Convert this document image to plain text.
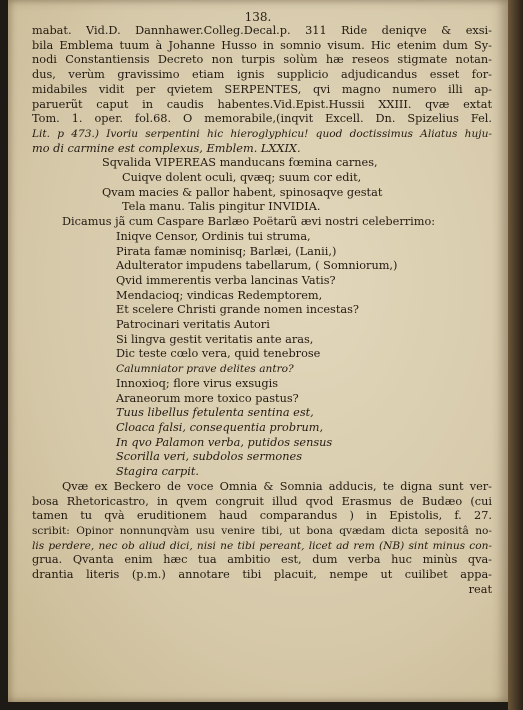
138.
mabat. Vid.D. Dannhawer.Colleg.Decal.p. 311 Ride deniqve & exsi-
bila Emblema tuum à Johanne Husso in somnio visum. Hic etenim dum Sy-
nodi Constantiensis Decreto non turpis solùm hæ reseos stigmate notan-
dus, verùm gravissimo etiam ignis supplicio adjudicandus esset for-
midabiles vidit per qvietem SERPENTES, qvi magno numero illi ap-
paruerũt caput in caudis habentes.Vid.Epist.Hussii XXIII. qvæ extat
Tom. 1. oper. fol.68. O memorabile,(inqvit Excell. Dn. Spizelius Fel.
Lit. p 473.) Ivoriu serpentini hic hieroglyphicu! quod doctissimus Aliatus huju-
mo di carmine est complexus, Emblem. LXXIX.
Sqvalida VIPEREAS manducans fœmina carnes,
Cuiqve dolent oculi, qvæq; suum cor edit,
Qvam macies & pallor habent, spinosaqve gestat
Tela manu. Talis pingitur INVIDIA.
Dicamus jã cum Caspare Barlæo Poëtarũ ævi nostri celeberrimo:
Iniqve Censor, Ordinis tui struma,
Pirata famæ nominisq; Barlæi, (Lanii,)
Adulterator impudens tabellarum, ( Somniorum,)
Qvid immerentis verba lancinas Vatis?
Mendacioq; vindicas Redemptorem,
Et scelere Christi grande nomen incestas?
Patrocinari veritatis Autori
Si lingva gestit veritatis ante aras,
Dic teste cœlo vera, quid tenebrose
Calumniator prave delites antro?
Innoxioq; flore virus exsugis
Araneorum more toxico pastus?
Tuus libellus fetulenta sentina est,
Cloaca falsi, consequentia probrum,
In qvo Palamon verba, putidos sensus
Scorilla veri, subdolos sermones
Stagira carpit.
Qvæ ex Beckero de voce Omnia & Somnia adducis, te digna sunt ver-
bosa Rhetoricastro, in qvem congruit illud qvod Erasmus de Budæo (cui
tamen tu qvà eruditionem haud comparandus ) in Epistolis, f. 27.
scribit: Opinor nonnunqvàm usu venire tibi, ut bona qvædam dicta sepositâ no-
lis perdere, nec ob aliud dici, nisi ne tibi pereant, licet ad rem (NB) sint minus con-
grua. Qvanta enim hæc tua ambitio est, dum verba huc minùs qva-
drantia literis (p.m.) annotare tibi placuit, nempe ut cuilibet appa-
reat
